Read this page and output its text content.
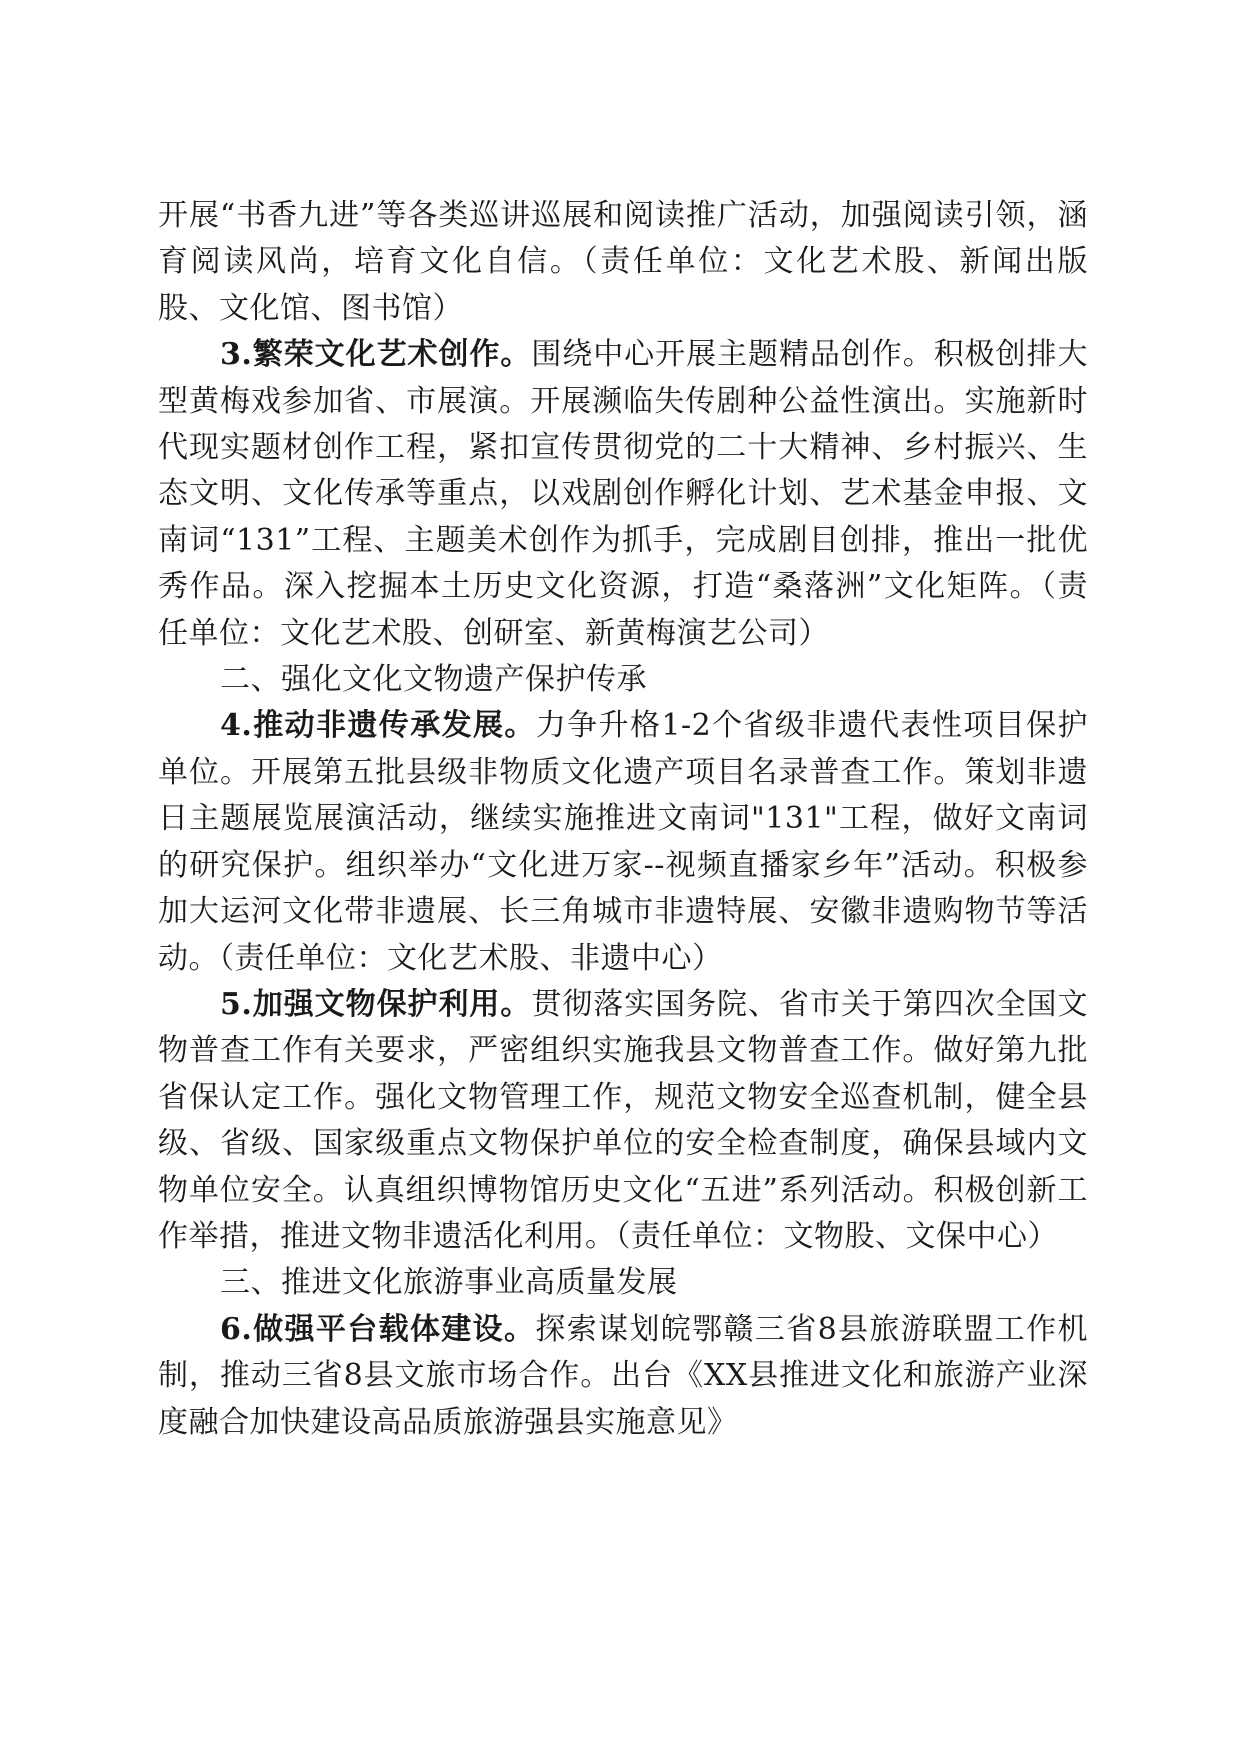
开展“书香九进”等各类巡讲巡展和阅读推广活动，加强阅读引领，涵育阅读风尚，培育文化自信。（责任单位：文化艺术股、新闻出版股、文化馆、图书馆）

3.繁荣文化艺术创作。围绕中心开展主题精品创作。积极创排大型黄梅戏参加省、市展演。开展濒临失传剧种公益性演出。实施新时代现实题材创作工程，紧扣宣传贯彻党的二十大精神、乡村振兴、生态文明、文化传承等重点，以戏剧创作孵化计划、艺术基金申报、文南词“131”工程、主题美术创作为抓手，完成剧目创排，推出一批优秀作品。深入挖掘本土历史文化资源，打造“桑落洲”文化矩阵。（责任单位：文化艺术股、创研室、新黄梅演艺公司）

二、强化文化文物遗产保护传承

4.推动非遗传承发展。力争升格1-2个省级非遗代表性项目保护单位。开展第五批县级非物质文化遗产项目名录普查工作。策划非遗日主题展览展演活动，继续实施推进文南词"131"工程，做好文南词的研究保护。组织举办“文化进万家--视频直播家乡年”活动。积极参加大运河文化带非遗展、长三角城市非遗特展、安徽非遗购物节等活动。（责任单位：文化艺术股、非遗中心）

5.加强文物保护利用。贯彻落实国务院、省市关于第四次全国文物普查工作有关要求，严密组织实施我县文物普查工作。做好第九批省保认定工作。强化文物管理工作，规范文物安全巡查机制，健全县级、省级、国家级重点文物保护单位的安全检查制度，确保县域内文物单位安全。认真组织博物馆历史文化“五进”系列活动。积极创新工作举措，推进文物非遗活化利用。（责任单位：文物股、文保中心）

三、推进文化旅游事业高质量发展

6.做强平台载体建设。探索谋划皖鄂赣三省8县旅游联盟工作机制，推动三省8县文旅市场合作。出台《XX县推进文化和旅游产业深度融合加快建设高品质旅游强县实施意见》
